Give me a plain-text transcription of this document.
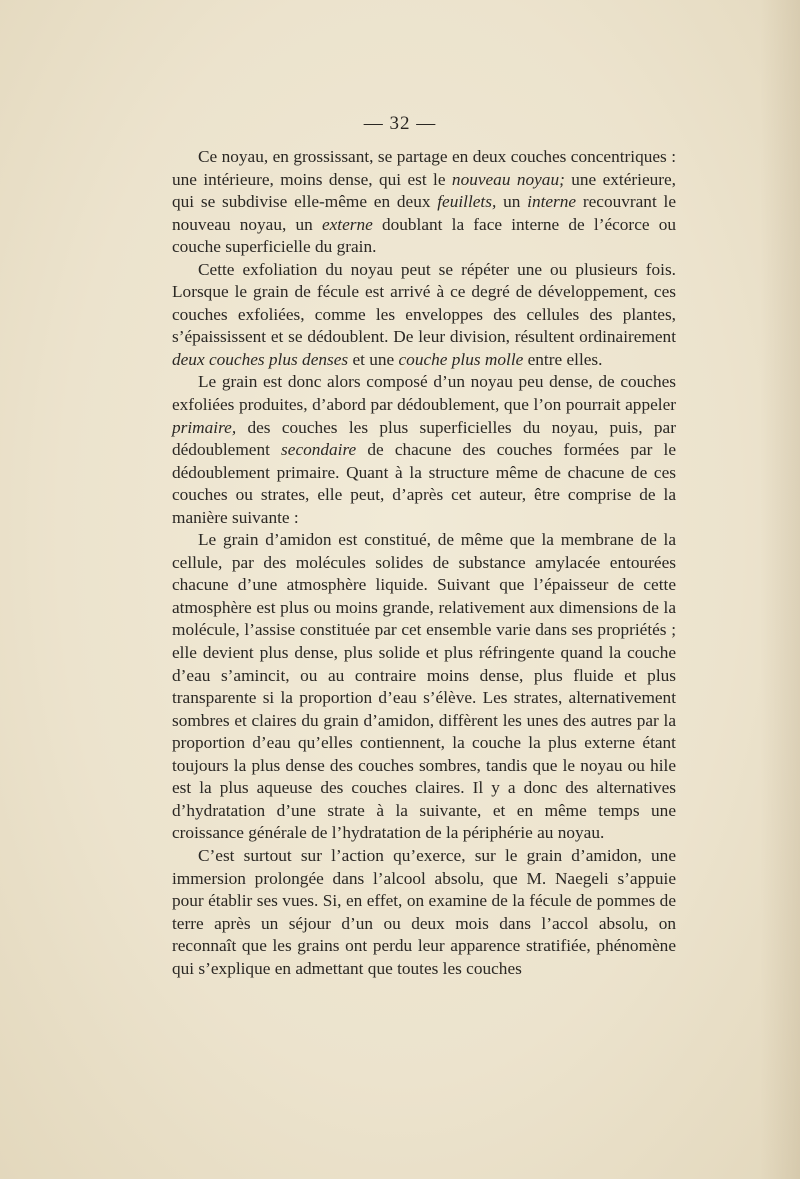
— 32 —

Ce noyau, en grossissant, se partage en deux couches concentriques : une intérieure, moins dense, qui est le nouveau noyau; une extérieure, qui se subdivise elle-même en deux feuillets, un interne recouvrant le nouveau noyau, un externe doublant la face interne de l’écorce ou couche superficielle du grain.

Cette exfoliation du noyau peut se répéter une ou plusieurs fois. Lorsque le grain de fécule est arrivé à ce degré de développement, ces couches exfoliées, comme les enveloppes des cellules des plantes, s’épaississent et se dédoublent. De leur division, résultent ordinairement deux couches plus denses et une couche plus molle entre elles.

Le grain est donc alors composé d’un noyau peu dense, de couches exfoliées produites, d’abord par dédoublement, que l’on pourrait appeler primaire, des couches les plus superficielles du noyau, puis, par dédoublement secondaire de chacune des couches formées par le dédoublement primaire. Quant à la structure même de chacune de ces couches ou strates, elle peut, d’après cet auteur, être comprise de la manière suivante :

Le grain d’amidon est constitué, de même que la membrane de la cellule, par des molécules solides de substance amylacée entourées chacune d’une atmosphère liquide. Suivant que l’épaisseur de cette atmosphère est plus ou moins grande, relativement aux dimensions de la molécule, l’assise constituée par cet ensemble varie dans ses propriétés ; elle devient plus dense, plus solide et plus réfringente quand la couche d’eau s’amincit, ou au contraire moins dense, plus fluide et plus transparente si la proportion d’eau s’élève. Les strates, alternativement sombres et claires du grain d’amidon, diffèrent les unes des autres par la proportion d’eau qu’elles contiennent, la couche la plus externe étant toujours la plus dense des couches sombres, tandis que le noyau ou hile est la plus aqueuse des couches claires. Il y a donc des alternatives d’hydratation d’une strate à la suivante, et en même temps une croissance générale de l’hydratation de la périphérie au noyau.

C’est surtout sur l’action qu’exerce, sur le grain d’amidon, une immersion prolongée dans l’alcool absolu, que M. Naegeli s’appuie pour établir ses vues. Si, en effet, on examine de la fécule de pommes de terre après un séjour d’un ou deux mois dans l’accol absolu, on reconnaît que les grains ont perdu leur apparence stratifiée, phénomène qui s’explique en admettant que toutes les couches
